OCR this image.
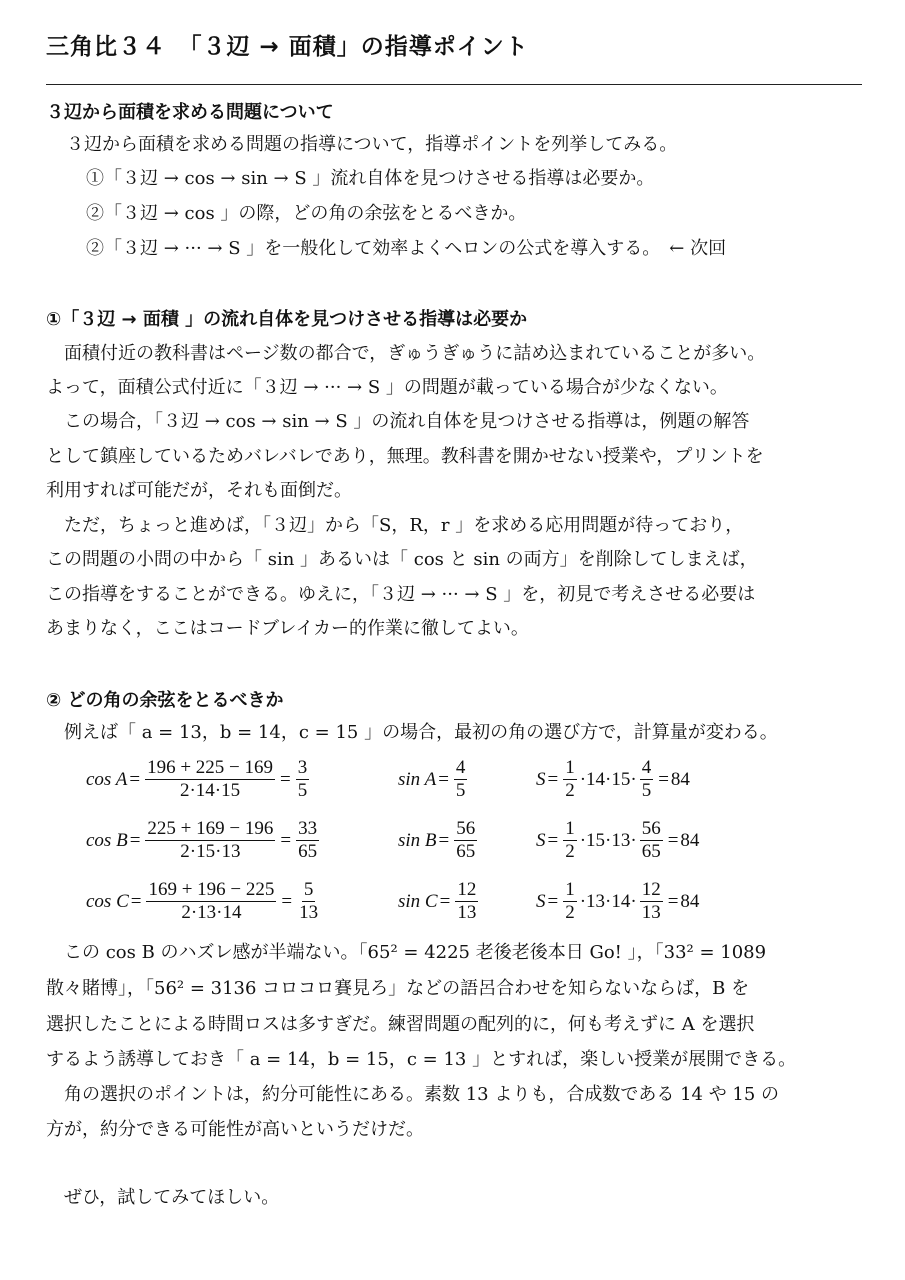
三角比３４　「３辺 → 面積」の指導ポイント
３辺から面積を求める問題について
３辺から面積を求める問題の指導について，指導ポイントを列挙してみる。
①「３辺 → cos → sin → S 」流れ自体を見つけさせる指導は必要か。
②「３辺 → cos 」の際，どの角の余弦をとるべきか。
②「３辺 → ··· → S 」を一般化して効率よくヘロンの公式を導入する。　← 次回
①「３辺 → 面積 」の流れ自体を見つけさせる指導は必要か
　面積付近の教科書はページ数の都合で，ぎゅうぎゅうに詰め込まれていることが多い。
よって，面積公式付近に「３辺 → ··· → S 」の問題が載っている場合が少なくない。
　この場合，「３辺 → cos → sin → S 」の流れ自体を見つけさせる指導は，例題の解答
として鎮座しているためバレバレであり，無理。教科書を開かせない授業や，プリントを
利用すれば可能だが，それも面倒だ。
　ただ，ちょっと進めば，「３辺」から「S，R，r 」を求める応用問題が待っており，
この問題の小問の中から「 sin 」あるいは「 cos と sin の両方」を削除してしまえば，
この指導をすることができる。ゆえに，「３辺 → ··· → S 」を，初見で考えさせる必要は
あまりなく，ここはコードブレイカー的作業に徹してよい。
② どの角の余弦をとるべきか
　例えば「 a = 13，b = 14，c = 15 」の場合，最初の角の選び方で，計算量が変わる。
$\cos A = \frac{196 + 225 - 169}{2\cdot 14\cdot 15} = \frac{3}{5}$	$\sin A = \frac{4}{5}$	$S = \frac{1}{2} \cdot 14\cdot 15\cdot \frac{4}{5} = 84$
$\cos B = \frac{225 + 169 - 196}{2\cdot 15\cdot 13} = \frac{33}{65}$	$\sin B = \frac{56}{65}$	$S = \frac{1}{2} \cdot 15\cdot 13\cdot \frac{56}{65} = 84$
$\cos C = \frac{169 + 196 - 225}{2\cdot 13\cdot 14} = \frac{5}{13}$	$\sin C = \frac{12}{13}$	$S = \frac{1}{2} \cdot 13\cdot 14\cdot \frac{12}{13} = 84$
　この cos B のハズレ感が半端ない。「65² = 4225 老後老後本日 Go! 」，「33² = 1089
散々賭博」，「56² = 3136 コロコロ賽見ろ」などの語呂合わせを知らないならば，B を
選択したことによる時間ロスは多すぎだ。練習問題の配列的に，何も考えずに A を選択
するよう誘導しておき「 a = 14，b = 15，c = 13 」とすれば，楽しい授業が展開できる。
　角の選択のポイントは，約分可能性にある。素数 13 よりも，合成数である 14 や 15 の
方が，約分できる可能性が高いというだけだ。
　ぜひ，試してみてほしい。
